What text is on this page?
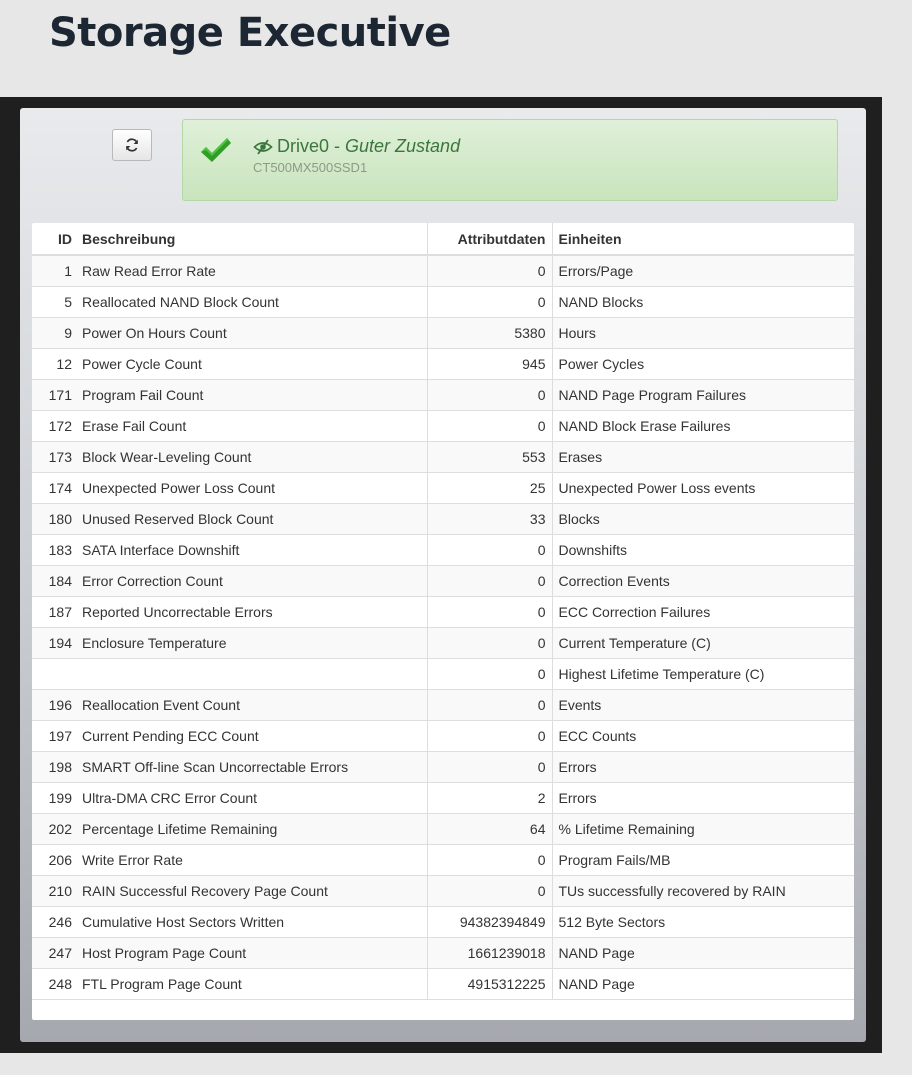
Storage Executive
Drive0 - Guter Zustand
CT500MX500SSD1
ID	Beschreibung	Attributdaten	Einheiten
1	Raw Read Error Rate	0	Errors/Page
5	Reallocated NAND Block Count	0	NAND Blocks
9	Power On Hours Count	5380	Hours
12	Power Cycle Count	945	Power Cycles
171	Program Fail Count	0	NAND Page Program Failures
172	Erase Fail Count	0	NAND Block Erase Failures
173	Block Wear-Leveling Count	553	Erases
174	Unexpected Power Loss Count	25	Unexpected Power Loss events
180	Unused Reserved Block Count	33	Blocks
183	SATA Interface Downshift	0	Downshifts
184	Error Correction Count	0	Correction Events
187	Reported Uncorrectable Errors	0	ECC Correction Failures
194	Enclosure Temperature	0	Current Temperature (C)
		0	Highest Lifetime Temperature (C)
196	Reallocation Event Count	0	Events
197	Current Pending ECC Count	0	ECC Counts
198	SMART Off-line Scan Uncorrectable Errors	0	Errors
199	Ultra-DMA CRC Error Count	2	Errors
202	Percentage Lifetime Remaining	64	% Lifetime Remaining
206	Write Error Rate	0	Program Fails/MB
210	RAIN Successful Recovery Page Count	0	TUs successfully recovered by RAIN
246	Cumulative Host Sectors Written	94382394849	512 Byte Sectors
247	Host Program Page Count	1661239018	NAND Page
248	FTL Program Page Count	4915312225	NAND Page
